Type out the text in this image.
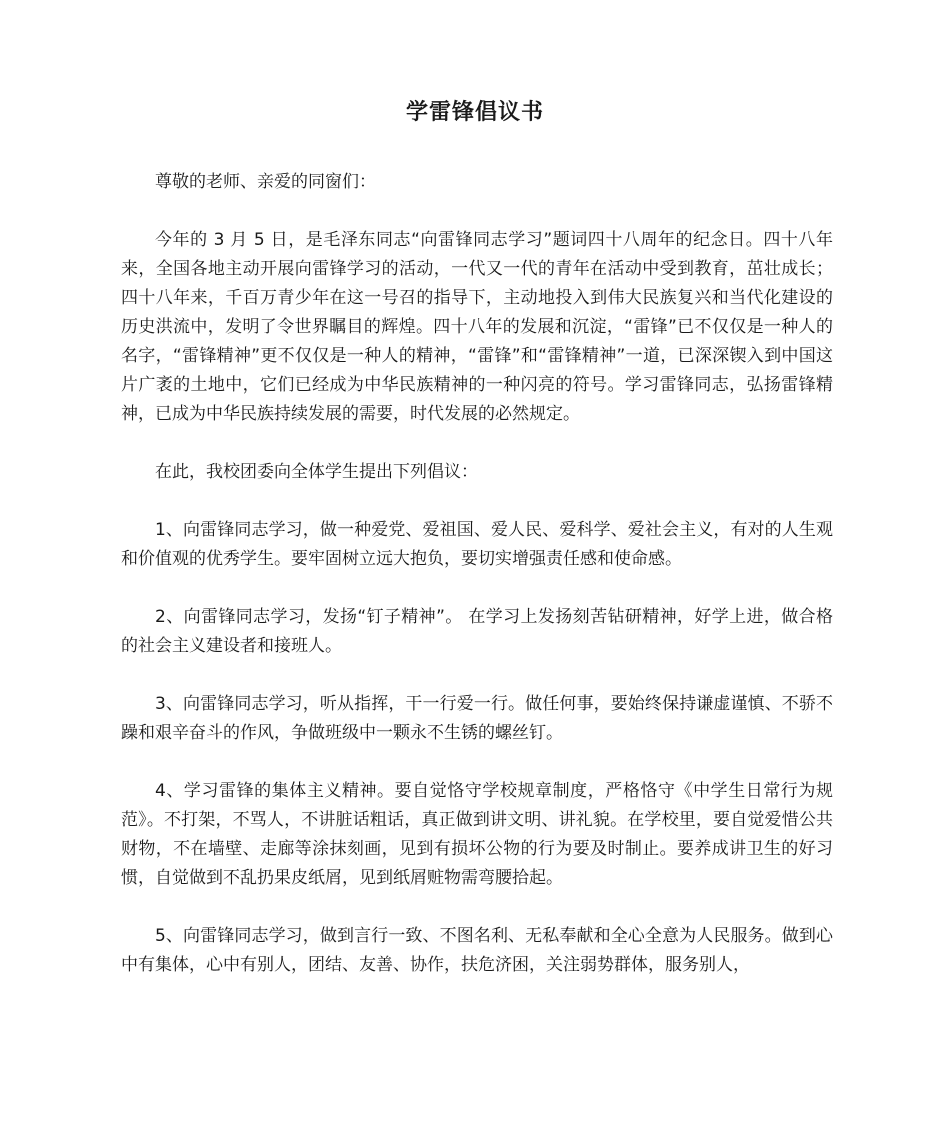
学雷锋倡议书

尊敬的老师、亲爱的同窗们：

今年的 3 月 5 日，是毛泽东同志“向雷锋同志学习”题词四十八周年的纪念日。四十八年来，全国各地主动开展向雷锋学习的活动，一代又一代的青年在活动中受到教育，茁壮成长；四十八年来，千百万青少年在这一号召的指导下，主动地投入到伟大民族复兴和当代化建设的历史洪流中，发明了令世界瞩目的辉煌。四十八年的发展和沉淀，“雷锋”已不仅仅是一种人的名字，“雷锋精神”更不仅仅是一种人的精神，“雷锋”和“雷锋精神”一道，已深深锲入到中国这片广袤的土地中，它们已经成为中华民族精神的一种闪亮的符号。学习雷锋同志，弘扬雷锋精神，已成为中华民族持续发展的需要，时代发展的必然规定。

在此，我校团委向全体学生提出下列倡议：

1、向雷锋同志学习，做一种爱党、爱祖国、爱人民、爱科学、爱社会主义，有对的人生观和价值观的优秀学生。要牢固树立远大抱负，要切实增强责任感和使命感。

2、向雷锋同志学习，发扬“钉子精神”。 在学习上发扬刻苦钻研精神，好学上进，做合格的社会主义建设者和接班人。

3、向雷锋同志学习，听从指挥，干一行爱一行。做任何事，要始终保持谦虚谨慎、不骄不躁和艰辛奋斗的作风，争做班级中一颗永不生锈的螺丝钉。

4、学习雷锋的集体主义精神。要自觉恪守学校规章制度，严格恪守《中学生日常行为规范》。不打架，不骂人，不讲脏话粗话，真正做到讲文明、讲礼貌。在学校里，要自觉爱惜公共财物，不在墙壁、走廊等涂抹刻画，见到有损坏公物的行为要及时制止。要养成讲卫生的好习惯，自觉做到不乱扔果皮纸屑，见到纸屑赃物需弯腰拾起。

5、向雷锋同志学习，做到言行一致、不图名利、无私奉献和全心全意为人民服务。做到心中有集体，心中有别人，团结、友善、协作，扶危济困，关注弱势群体，服务别人，
